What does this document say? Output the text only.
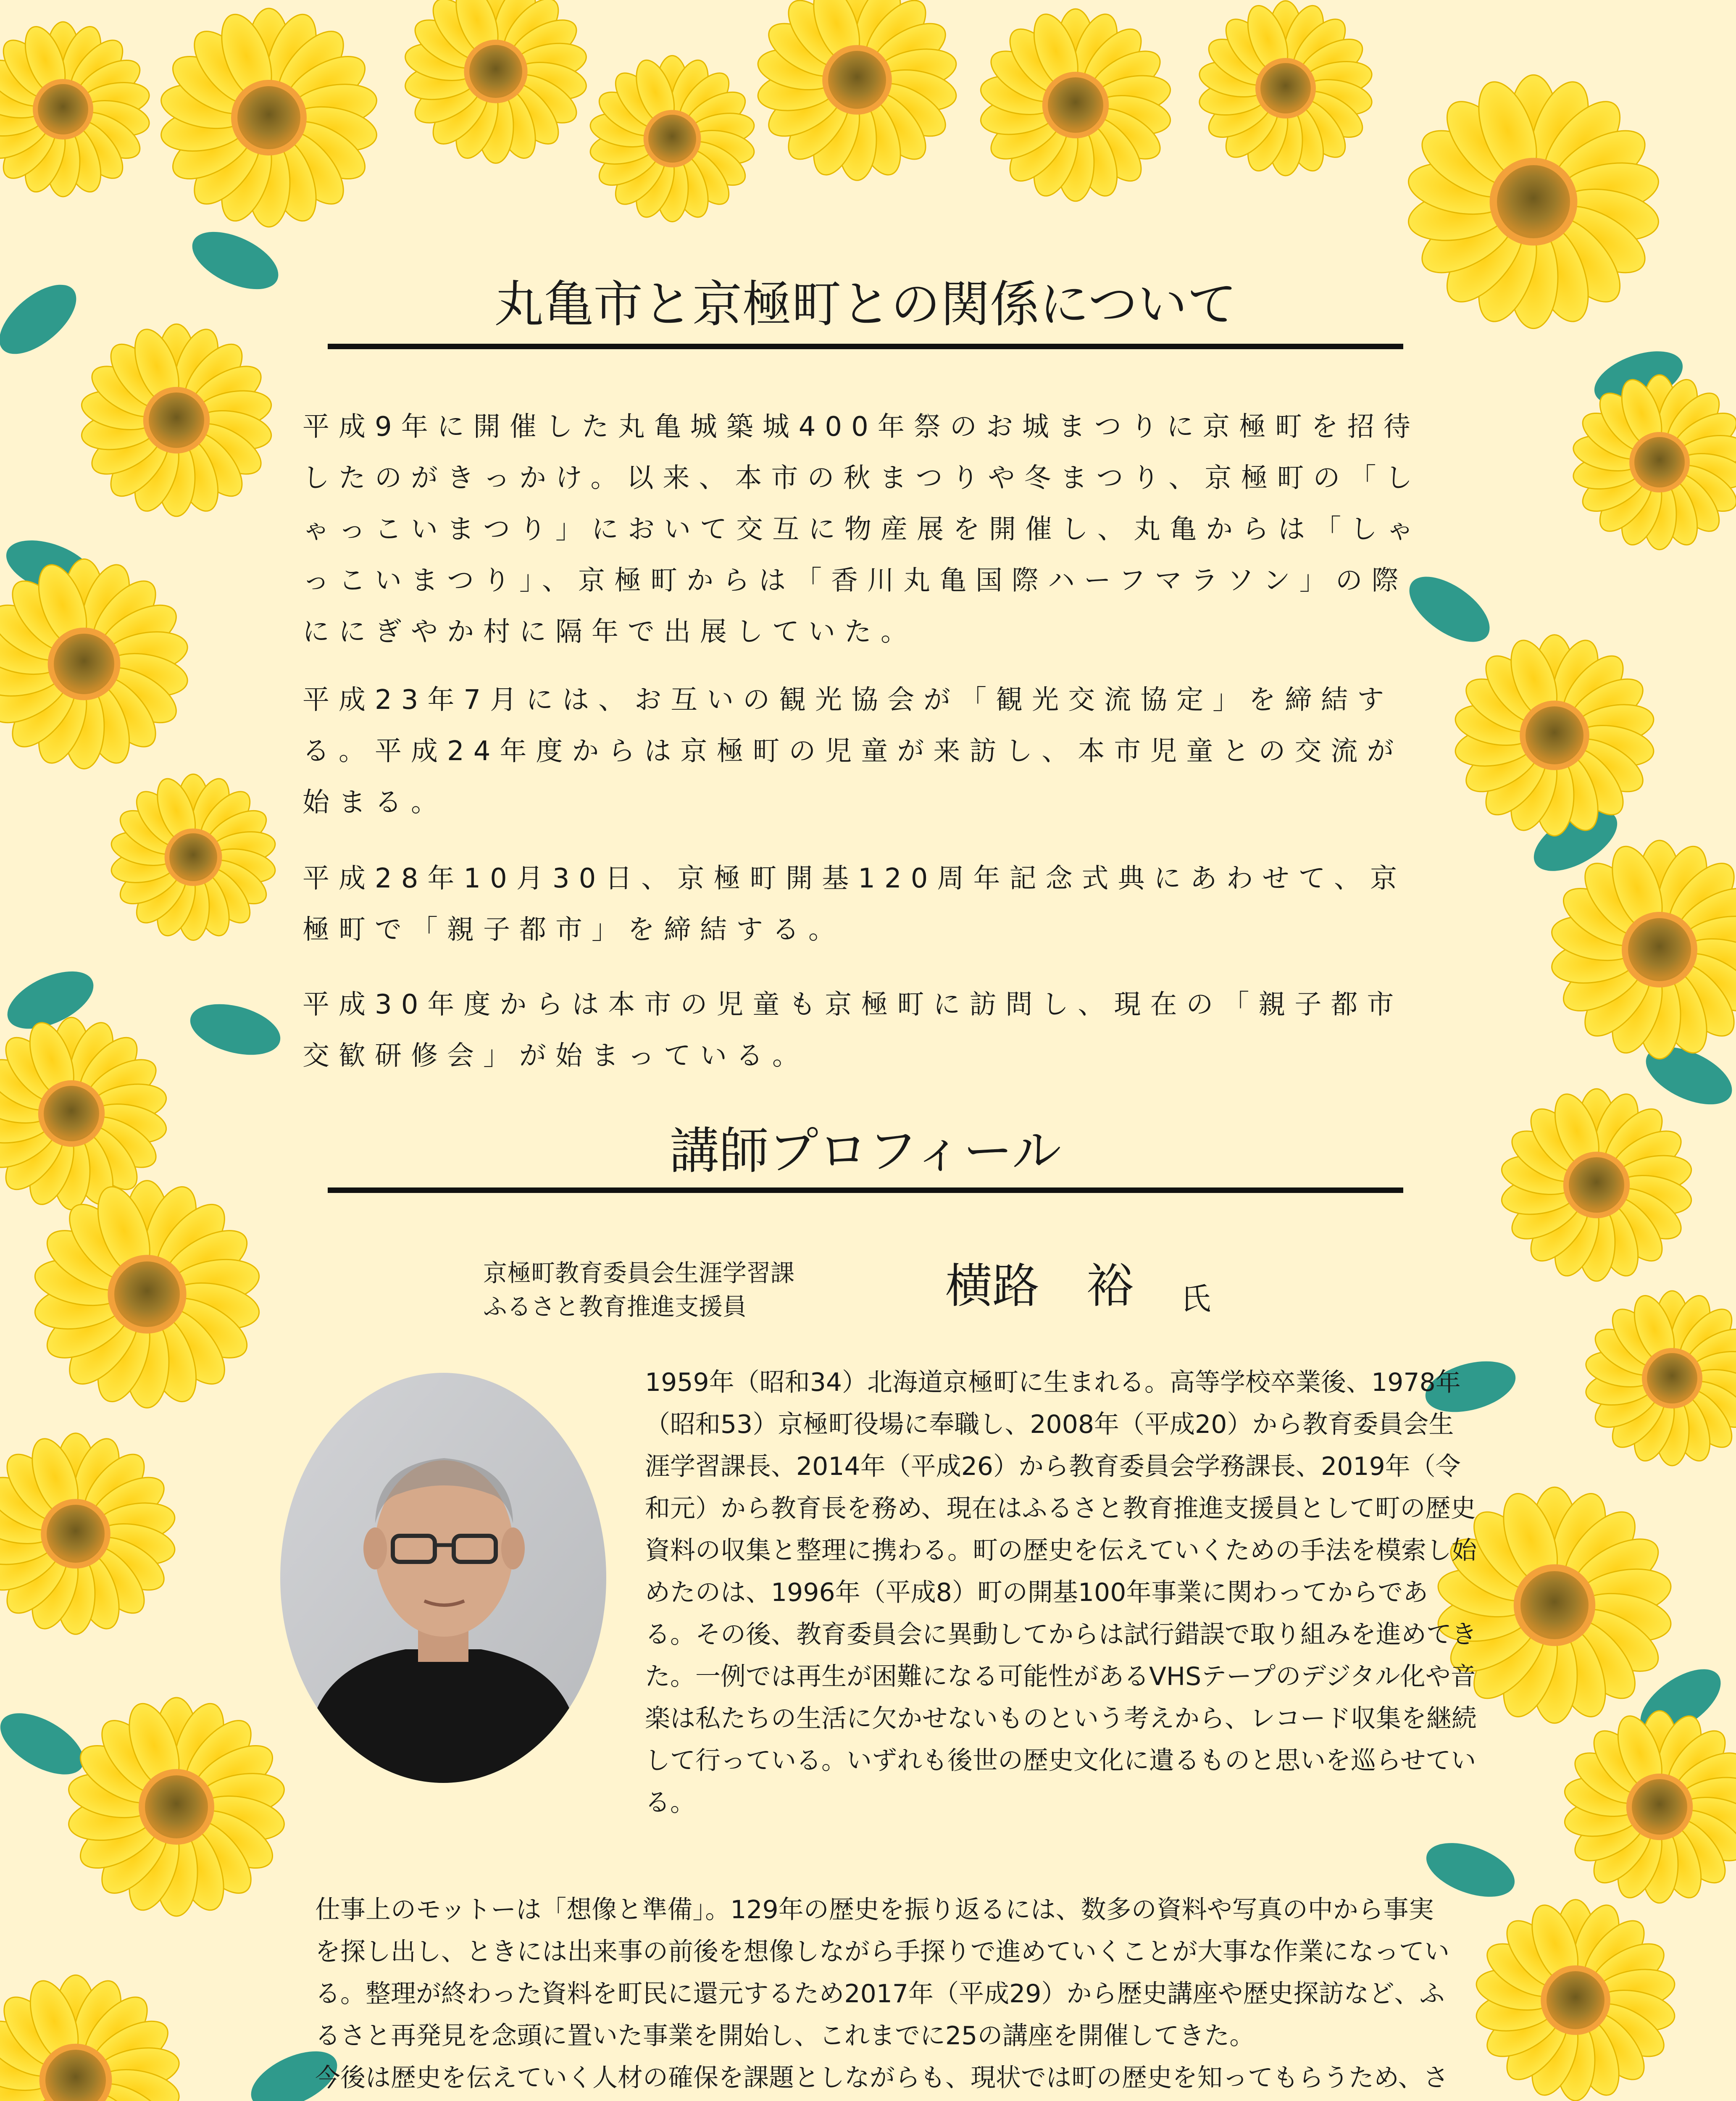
丸亀市と京極町との関係について

平成9年に開催した丸亀城築城400年祭のお城まつりに京極町を招待したのがきっかけ。以来、本市の秋まつりや冬まつり、京極町の「しゃっこいまつり」において交互に物産展を開催し、丸亀からは「しゃっこいまつり」、京極町からは「香川丸亀国際ハーフマラソン」の際ににぎやか村に隔年で出展していた。

平成23年7月には、お互いの観光協会が「観光交流協定」を締結する。平成24年度からは京極町の児童が来訪し、本市児童との交流が始まる。

平成28年10月30日、京極町開基120周年記念式典にあわせて、京極町で「親子都市」を締結する。

平成30年度からは本市の児童も京極町に訪問し、現在の「親子都市交歓研修会」が始まっている。

講師プロフィール
京極町教育委員会生涯学習課
ふるさと教育推進支援員	横路　裕 氏

1959年（昭和34）北海道京極町に生まれる。高等学校卒業後、1978年（昭和53）京極町役場に奉職し、2008年（平成20）から教育委員会生涯学習課長、2014年（平成26）から教育委員会学務課長、2019年（令和元）から教育長を務め、現在はふるさと教育推進支援員として町の歴史資料の収集と整理に携わる。町の歴史を伝えていくための手法を模索し始めたのは、1996年（平成8）町の開基100年事業に関わってからである。その後、教育委員会に異動してからは試行錯誤で取り組みを進めてきた。一例では再生が困難になる可能性があるVHSテープのデジタル化や音楽は私たちの生活に欠かせないものという考えから、レコード収集を継続して行っている。いずれも後世の歴史文化に遺るものと思いを巡らせている。

仕事上のモットーは「想像と準備」。129年の歴史を振り返るには、数多の資料や写真の中から事実を探し出し、ときには出来事の前後を想像しながら手探りで進めていくことが大事な作業になっている。整理が終わった資料を町民に還元するため2017年（平成29）から歴史講座や歴史探訪など、ふるさと再発見を念頭に置いた事業を開始し、これまでに25の講座を開催してきた。

今後は歴史を伝えていく人材の確保を課題としながらも、現状では町の歴史を知ってもらうため、さ
